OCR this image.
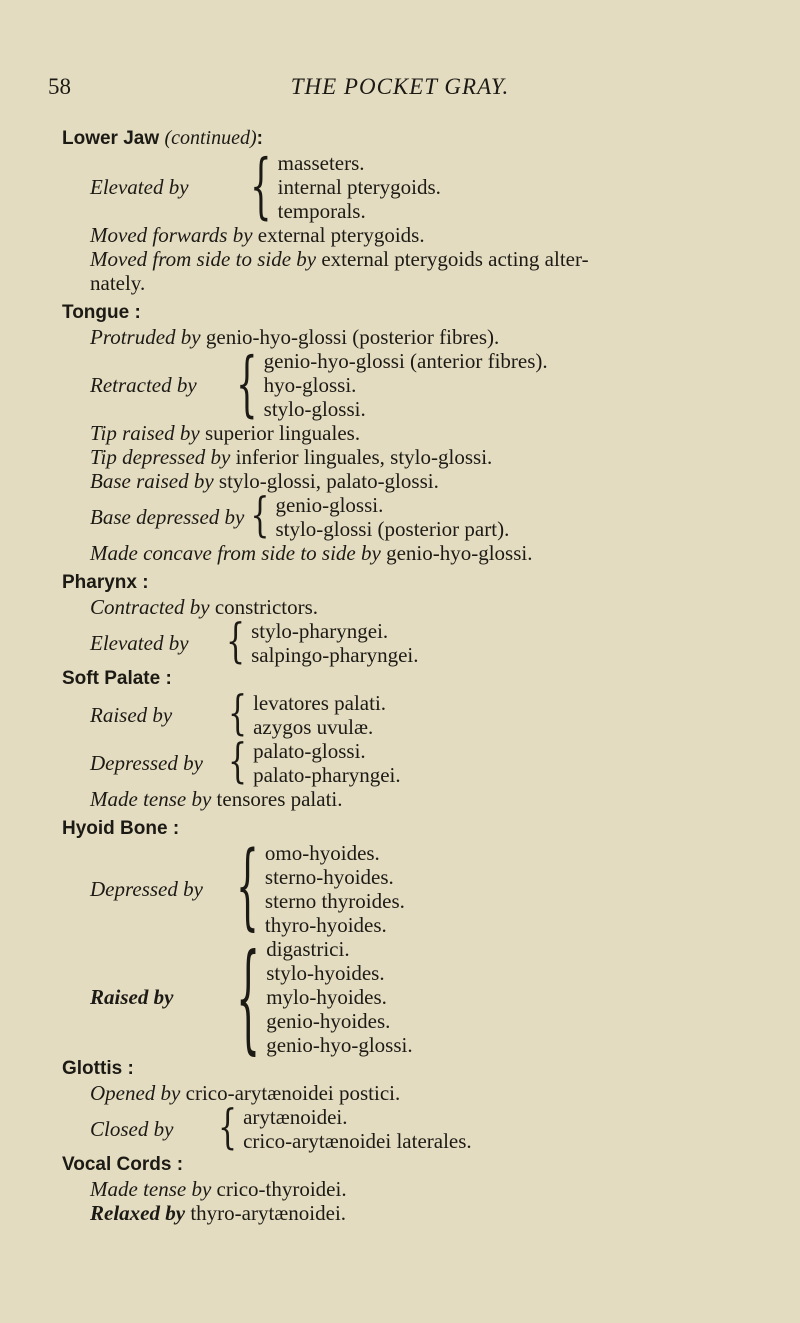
58	THE POCKET GRAY.
Lower Jaw (continued):
Elevated by	{ masseters.
internal pterygoids.
temporals.
Moved forwards by external pterygoids.
Moved from side to side by external pterygoids acting alter-
nately.
Tongue :
Protruded by genio-hyo-glossi (posterior fibres).
Retracted by	{ genio-hyo-glossi (anterior fibres).
hyo-glossi.
stylo-glossi.
Tip raised by superior linguales.
Tip depressed by inferior linguales, stylo-glossi.
Base raised by stylo-glossi, palato-glossi.
Base depressed by { genio-glossi.
stylo-glossi (posterior part).
Made concave from side to side by genio-hyo-glossi.
Pharynx :
Contracted by constrictors.
Elevated by	{ stylo-pharyngei.
salpingo-pharyngei.
Soft Palate :
Raised by	{ levatores palati.
azygos uvulæ.
Depressed by { palato-glossi.
palato-pharyngei.
Made tense by tensores palati.
Hyoid Bone :
Depressed by { omo-hyoides.
sterno-hyoides.
sterno thyroides.
thyro-hyoides.
Raised by	{ digastrici.
stylo-hyoides.
mylo-hyoides.
genio-hyoides.
genio-hyo-glossi.
Glottis :
Opened by crico-arytænoidei postici.
Closed by	{ arytænoidei.
crico-arytænoidei laterales.
Vocal Cords :
Made tense by crico-thyroidei.
Relaxed by thyro-arytænoidei.
